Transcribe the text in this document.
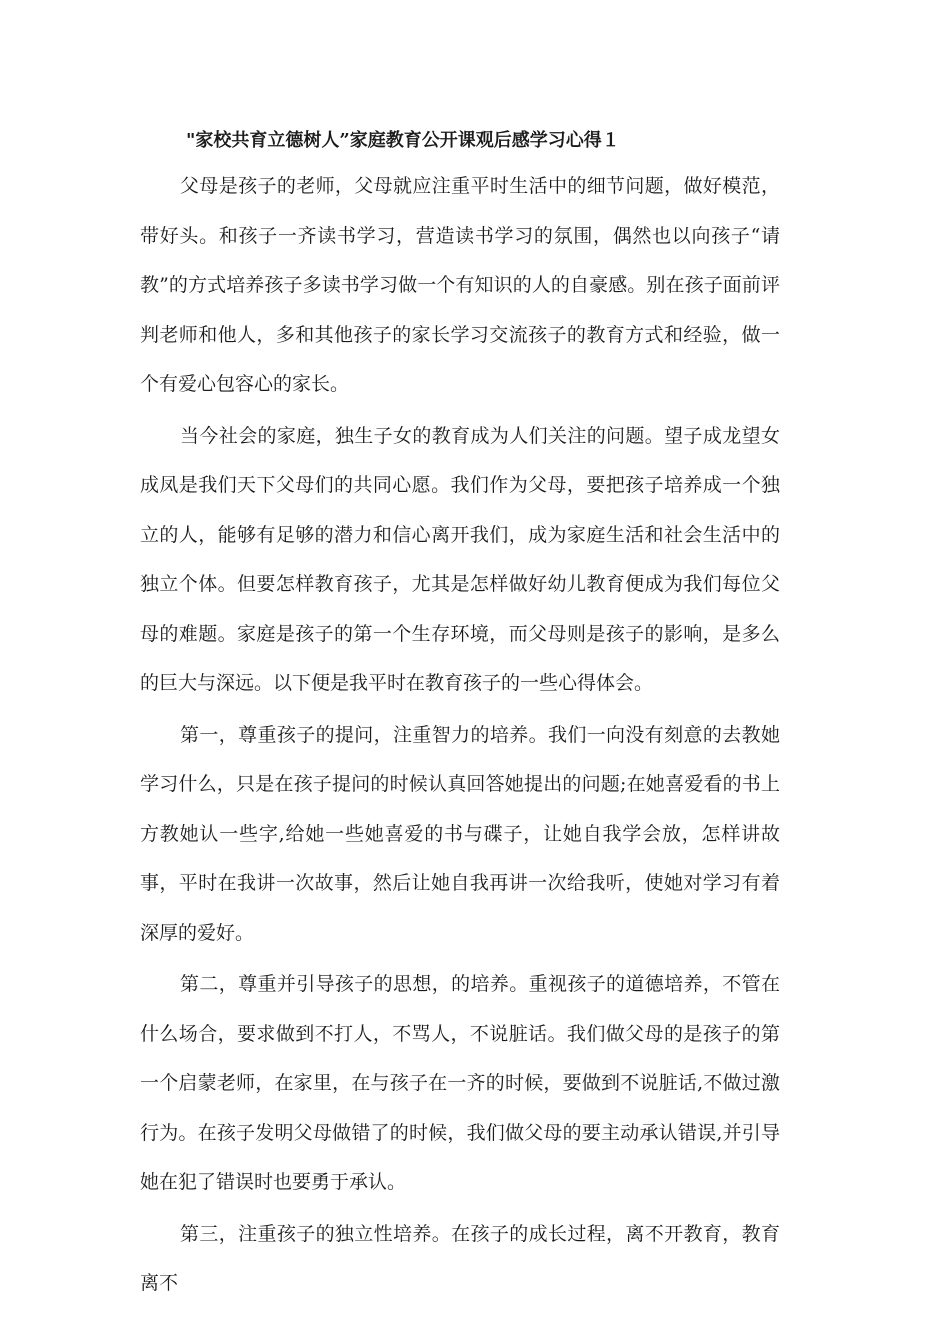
"家校共育立德树人”家庭教育公开课观后感学习心得１

父母是孩子的老师，父母就应注重平时生活中的细节问题，做好模范，带好头。和孩子一齐读书学习，营造读书学习的氛围，偶然也以向孩子“请教”的方式培养孩子多读书学习做一个有知识的人的自豪感。别在孩子面前评判老师和他人，多和其他孩子的家长学习交流孩子的教育方式和经验，做一个有爱心包容心的家长。

当今社会的家庭，独生子女的教育成为人们关注的问题。望子成龙望女成凤是我们天下父母们的共同心愿。我们作为父母，要把孩子培养成一个独立的人，能够有足够的潜力和信心离开我们，成为家庭生活和社会生活中的独立个体。但要怎样教育孩子，尤其是怎样做好幼儿教育便成为我们每位父母的难题。家庭是孩子的第一个生存环境，而父母则是孩子的影响，是多么的巨大与深远。以下便是我平时在教育孩子的一些心得体会。

第一，尊重孩子的提问，注重智力的培养。我们一向没有刻意的去教她学习什么，只是在孩子提问的时候认真回答她提出的问题;在她喜爱看的书上方教她认一些字,给她一些她喜爱的书与碟子，让她自我学会放，怎样讲故事，平时在我讲一次故事，然后让她自我再讲一次给我听，使她对学习有着深厚的爱好。

第二，尊重并引导孩子的思想，的培养。重视孩子的道德培养，不管在什么场合，要求做到不打人，不骂人，不说脏话。我们做父母的是孩子的第一个启蒙老师，在家里，在与孩子在一齐的时候，要做到不说脏话,不做过激行为。在孩子发明父母做错了的时候，我们做父母的要主动承认错误,并引导她在犯了错误时也要勇于承认。

第三，注重孩子的独立性培养。在孩子的成长过程，离不开教育，教育离不
